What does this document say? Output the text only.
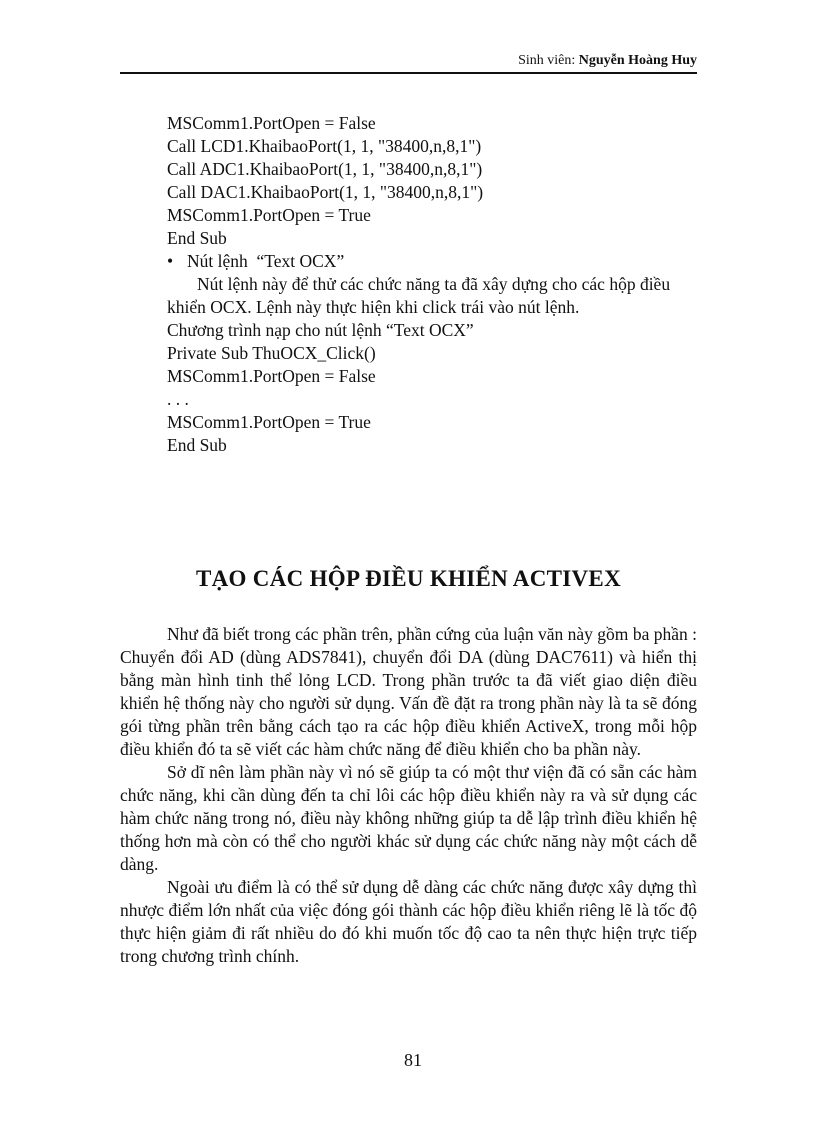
Sinh viên: Nguyễn Hoàng Huy
MSComm1.PortOpen = False
Call LCD1.KhaibaoPort(1, 1, "38400,n,8,1")
Call ADC1.KhaibaoPort(1, 1, "38400,n,8,1")
Call DAC1.KhaibaoPort(1, 1, "38400,n,8,1")
MSComm1.PortOpen = True
End Sub
• Nút lệnh  “Text OCX”
Nút lệnh này để thử các chức năng ta đã xây dựng cho các hộp điều khiển OCX. Lệnh này thực hiện khi click trái vào nút lệnh.
Chương trình nạp cho nút lệnh “Text OCX”
Private Sub ThuOCX_Click()
MSComm1.PortOpen = False
. . .
MSComm1.PortOpen = True
End Sub
TẠO CÁC HỘP ĐIỀU KHIỂN ACTIVEX

Như đã biết trong các phần trên, phần cứng của luận văn này gồm ba phần : Chuyển đổi AD (dùng ADS7841), chuyển đổi DA (dùng DAC7611) và hiển thị bằng màn hình tinh thể lỏng LCD. Trong phần trước ta đã viết giao diện điều khiển hệ thống này cho người sử dụng. Vấn đề đặt ra trong phần này là ta sẽ đóng gói từng phần trên bằng cách tạo ra các hộp điều khiển ActiveX, trong mỗi hộp điều khiển đó ta sẽ viết các hàm chức năng để điều khiển cho ba phần này.

Sở dĩ nên làm phần này vì nó sẽ giúp ta có một thư viện đã có sẵn các hàm chức năng, khi cần dùng đến ta chỉ lôi các hộp điều khiển này ra và sử dụng các hàm chức năng trong nó, điều này không những giúp ta dễ lập trình điều khiển hệ thống hơn mà còn có thể cho người khác sử dụng các chức năng này một cách dễ dàng.

Ngoài ưu điểm là có thể sử dụng dễ dàng các chức năng được xây dựng thì nhược điểm lớn nhất của việc đóng gói thành các hộp điều khiển riêng lẽ là tốc độ thực hiện giảm đi rất nhiều do đó khi muốn tốc độ cao ta nên thực hiện trực tiếp trong chương trình chính.

81
